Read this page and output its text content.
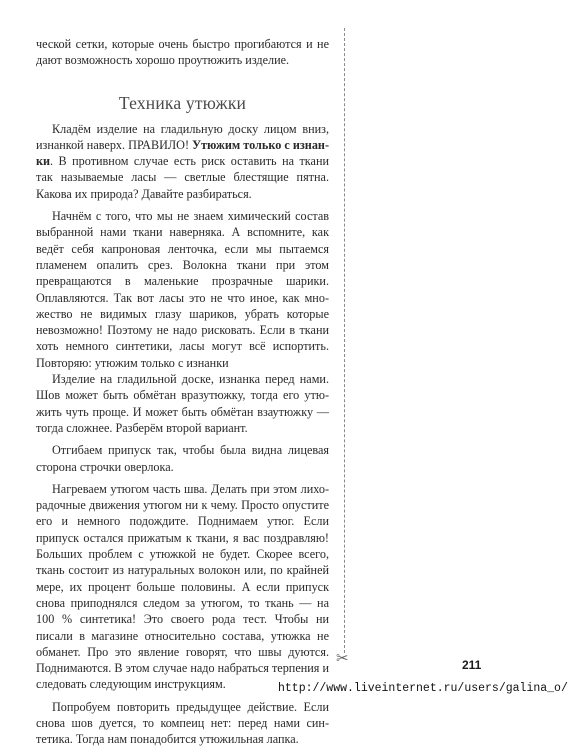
ческой сетки, которые очень быстро прогибаются и не дают возможность хорошо проутюжить изделие.

Техника утюжки

Кладём изделие на гладильную доску лицом вниз, изнанкой наверх. ПРАВИЛО! Утюжим только с изнанки. В противном случае есть риск оставить на ткани так называемые ласы — светлые блестящие пятна. Какова их природа? Давайте разбираться.

Начнём с того, что мы не знаем химический состав выбранной нами ткани наверняка. А вспомните, как ведёт себя капроновая ленточка, если мы пытаемся пламенем опалить срез. Волокна ткани при этом превращаются в маленькие прозрачные шарики. Оплавляются. Так вот ласы это не что иное, как множество не видимых глазу шариков, убрать которые невозможно! Поэтому не надо рисковать. Если в ткани хоть немного синтетики, ласы могут всё испортить. Повторяю: утюжим только с изнанки

Изделие на гладильной доске, изнанка перед нами. Шов может быть обмётан вразутюжку, тогда его утюжить чуть проще. И может быть обмётан взаутюжку — тогда сложнее. Разберём второй вариант.

Отгибаем припуск так, чтобы была видна лицевая сторона строчки оверлока.

Нагреваем утюгом часть шва. Делать при этом лихорадочные движения утюгом ни к чему. Просто опустите его и немного подождите. Поднимаем утюг. Если припуск остался прижатым к ткани, я вас поздравляю! Больших проблем с утюжкой не будет. Скорее всего, ткань состоит из натуральных волокон или, по крайней мере, их процент больше половины. А если припуск снова приподнялся следом за утюгом, то ткань — на 100 % синтетика! Это своего рода тест. Чтобы ни писали в магазине относительно состава, утюжка не обманет. Про это явление говорят, что швы дуются. Поднимаются. В этом случае надо набраться терпения и следовать следующим инструкциям.

Попробуем повторить предыдущее действие. Если снова шов дуется, то компеиц нет: перед нами синтетика. Тогда нам понадобится утюжильная лапка.

✂	211
http://www.liveinternet.ru/users/galina_o/
